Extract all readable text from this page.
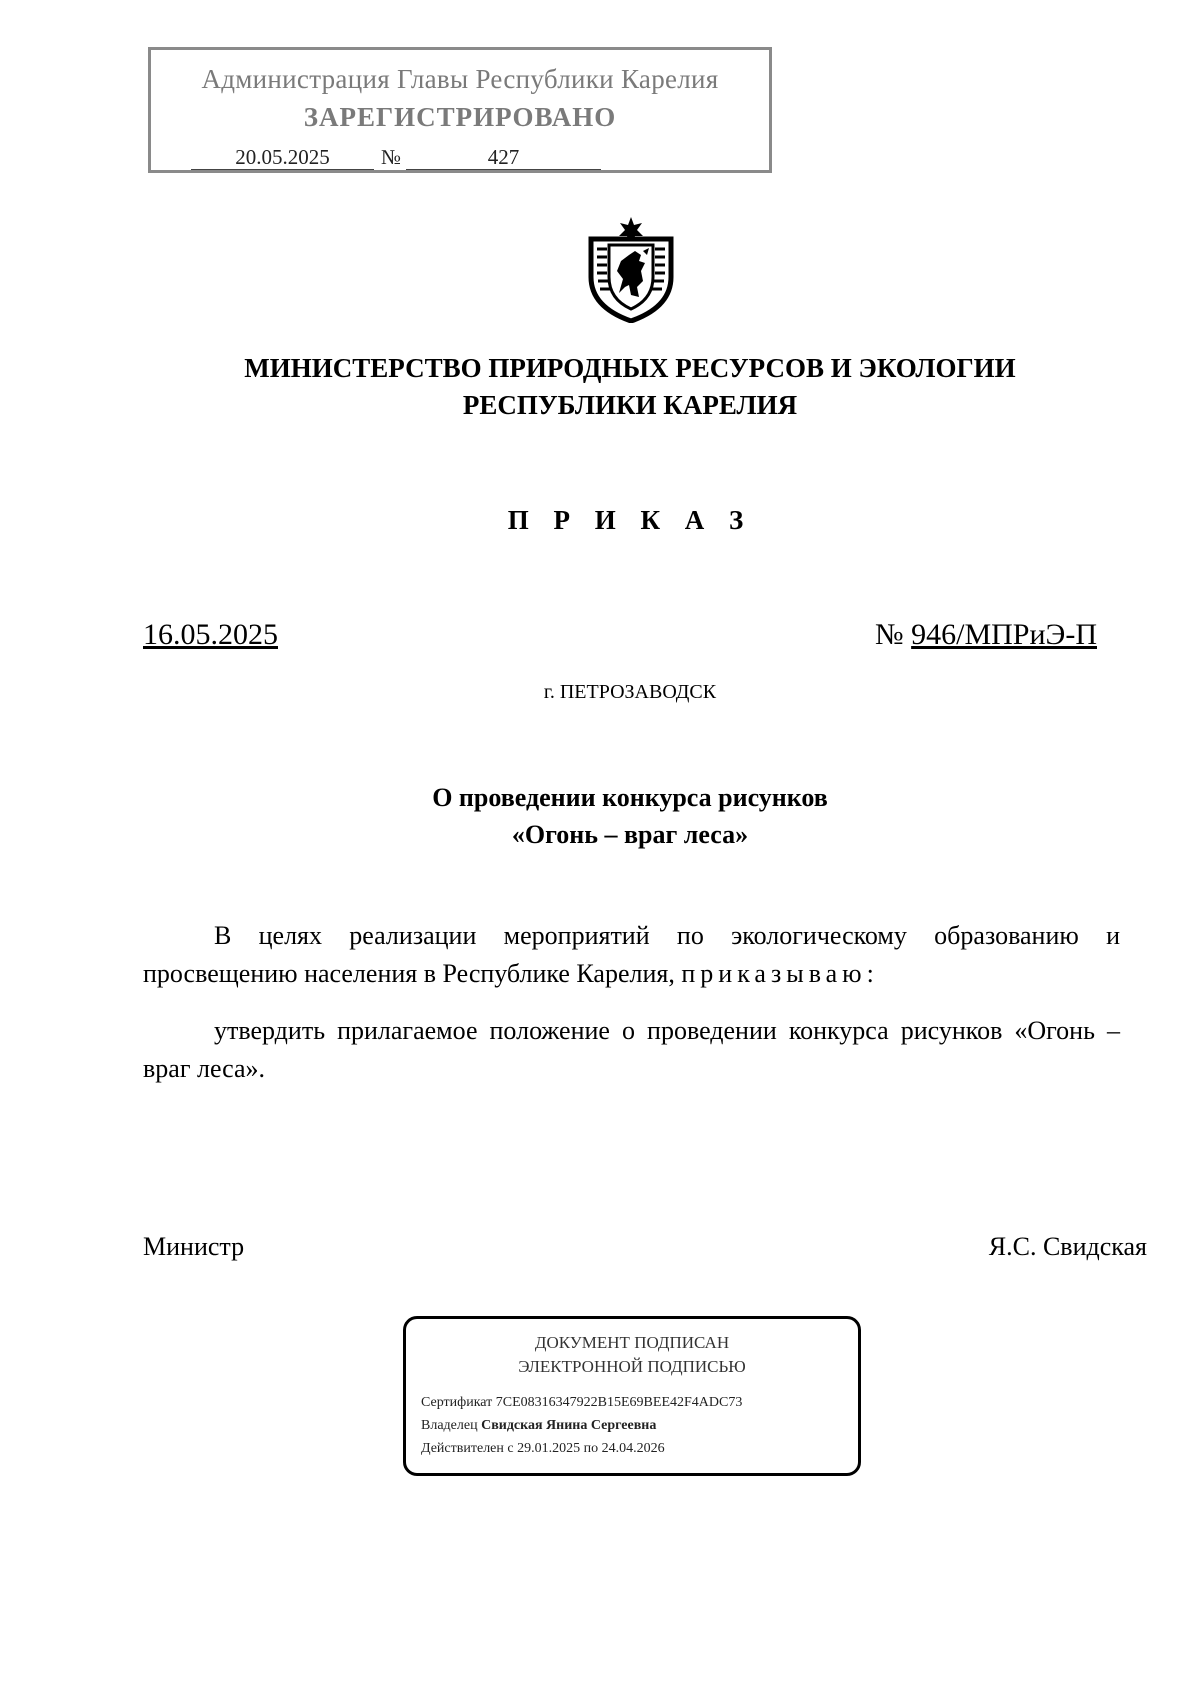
Администрация Главы Республики Карелия
ЗАРЕГИСТРИРОВАНО
20.05.2025	№	427
МИНИСТЕРСТВО ПРИРОДНЫХ РЕСУРСОВ И ЭКОЛОГИИ
РЕСПУБЛИКИ КАРЕЛИЯ
П Р И К А З
16.05.2025	№ 946/МПРиЭ-П
г. ПЕТРОЗАВОДСК
О проведении конкурса рисунков
«Огонь – враг леса»
В целях реализации мероприятий по экологическому образованию и просвещению населения в Республике Карелия, приказываю:
утвердить прилагаемое положение о проведении конкурса рисунков «Огонь – враг леса».
Министр	Я.С. Свидская
ДОКУМЕНТ ПОДПИСАН
ЭЛЕКТРОННОЙ ПОДПИСЬЮ
Сертификат 7CE08316347922B15E69BEE42F4ADC73
Владелец Свидская Янина Сергеевна
Действителен с 29.01.2025 по 24.04.2026
